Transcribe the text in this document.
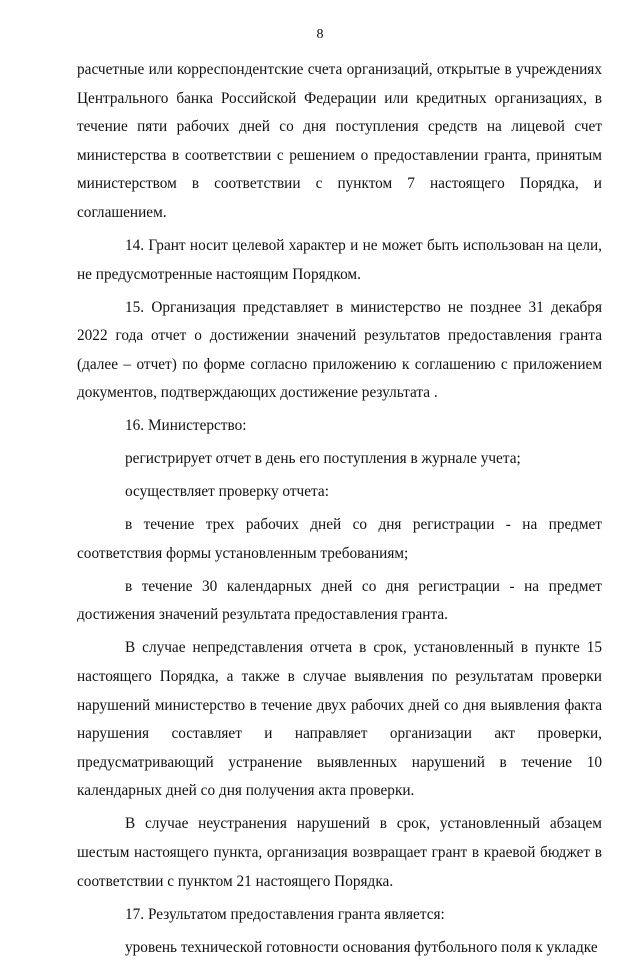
8

расчетные или корреспондентские счета организаций, открытые в учреждениях Центрального банка Российской Федерации или кредитных организациях, в течение пяти рабочих дней со дня поступления средств на лицевой счет министерства в соответствии с решением о предоставлении гранта, принятым министерством в соответствии с пунктом 7 настоящего Порядка, и соглашением.

14. Грант носит целевой характер и не может быть использован на цели, не предусмотренные настоящим Порядком.

15. Организация представляет в министерство не позднее 31 декабря 2022 года отчет о достижении значений результатов предоставления гранта (далее – отчет) по форме согласно приложению к соглашению с приложением документов, подтверждающих достижение результата .

16. Министерство:

регистрирует отчет в день его поступления в журнале учета;

осуществляет проверку отчета:

в течение трех рабочих дней со дня регистрации - на предмет соответствия формы установленным требованиям;

в течение 30 календарных дней со дня регистрации - на предмет достижения значений результата предоставления гранта.

В случае непредставления отчета в срок, установленный в пункте 15 настоящего Порядка, а также в случае выявления по результатам проверки нарушений министерство в течение двух рабочих дней со дня выявления факта нарушения составляет и направляет организации акт проверки, предусматривающий устранение выявленных нарушений в течение 10 календарных дней со дня получения акта проверки.

В случае неустранения нарушений в срок, установленный абзацем шестым настоящего пункта, организация возвращает грант в краевой бюджет в соответствии с пунктом 21 настоящего Порядка.

17. Результатом предоставления гранта является:

уровень технической готовности основания футбольного поля к укладке
